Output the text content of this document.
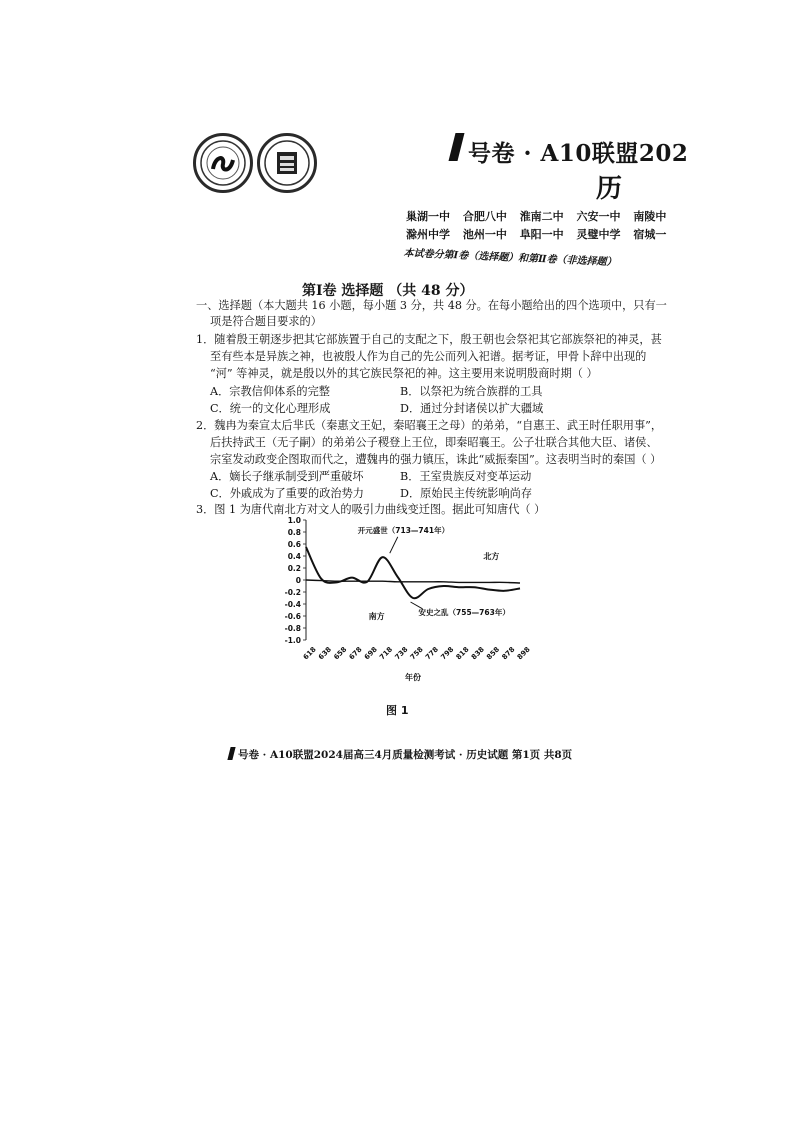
号卷 · A10联盟202
历
巢湖一中 合肥八中 淮南二中 六安一中 南陵中
滁州中学 池州一中 阜阳一中 灵璧中学 宿城一
本试卷分第Ⅰ卷（选择题）和第Ⅱ卷（非选择题）
第Ⅰ卷 选择题 （共 48 分）
一、选择题（本大题共 16 小题，每小题 3 分，共 48 分。在每小题给出的四个选项中，只有一
项是符合题目要求的）
1．随着殷王朝逐步把其它部族置于自己的支配之下，殷王朝也会祭祀其它部族祭祀的神灵，甚
至有些本是异族之神，也被殷人作为自己的先公而列入祀谱。据考证，甲骨卜辞中出现的
“河” 等神灵，就是殷以外的其它族民祭祀的神。这主要用来说明殷商时期（ ）
A．宗教信仰体系的完整	B．以祭祀为统合族群的工具
C．统一的文化心理形成	D．通过分封诸侯以扩大疆域
2．魏冉为秦宣太后芈氏（秦惠文王妃，秦昭襄王之母）的弟弟，“自惠王、武王时任职用事”，
后扶持武王（无子嗣）的弟弟公子稷登上王位，即秦昭襄王。公子壮联合其他大臣、诸侯、
宗室发动政变企图取而代之，遭魏冉的强力镇压，诛此“威振秦国”。这表明当时的秦国（ ）
A．嫡长子继承制受到严重破坏	B．王室贵族反对变革运动
C．外戚成为了重要的政治势力	D．原始民主传统影响尚存
3．图 1 为唐代南北方对文人的吸引力曲线变迁图。据此可知唐代（ ）
1.0
0.8
0.6
0.4
0.2
0
-0.2
-0.4
-0.6
-0.8
-1.0
618 638 658 678 698 718 738 758 778 798 818 838 858 878 898
年份
开元盛世（713—741年）
安史之乱（755—763年）
北方
南方
图 1
号卷 · A10联盟2024届高三4月质量检测考试 · 历史试题 第1页 共8页
